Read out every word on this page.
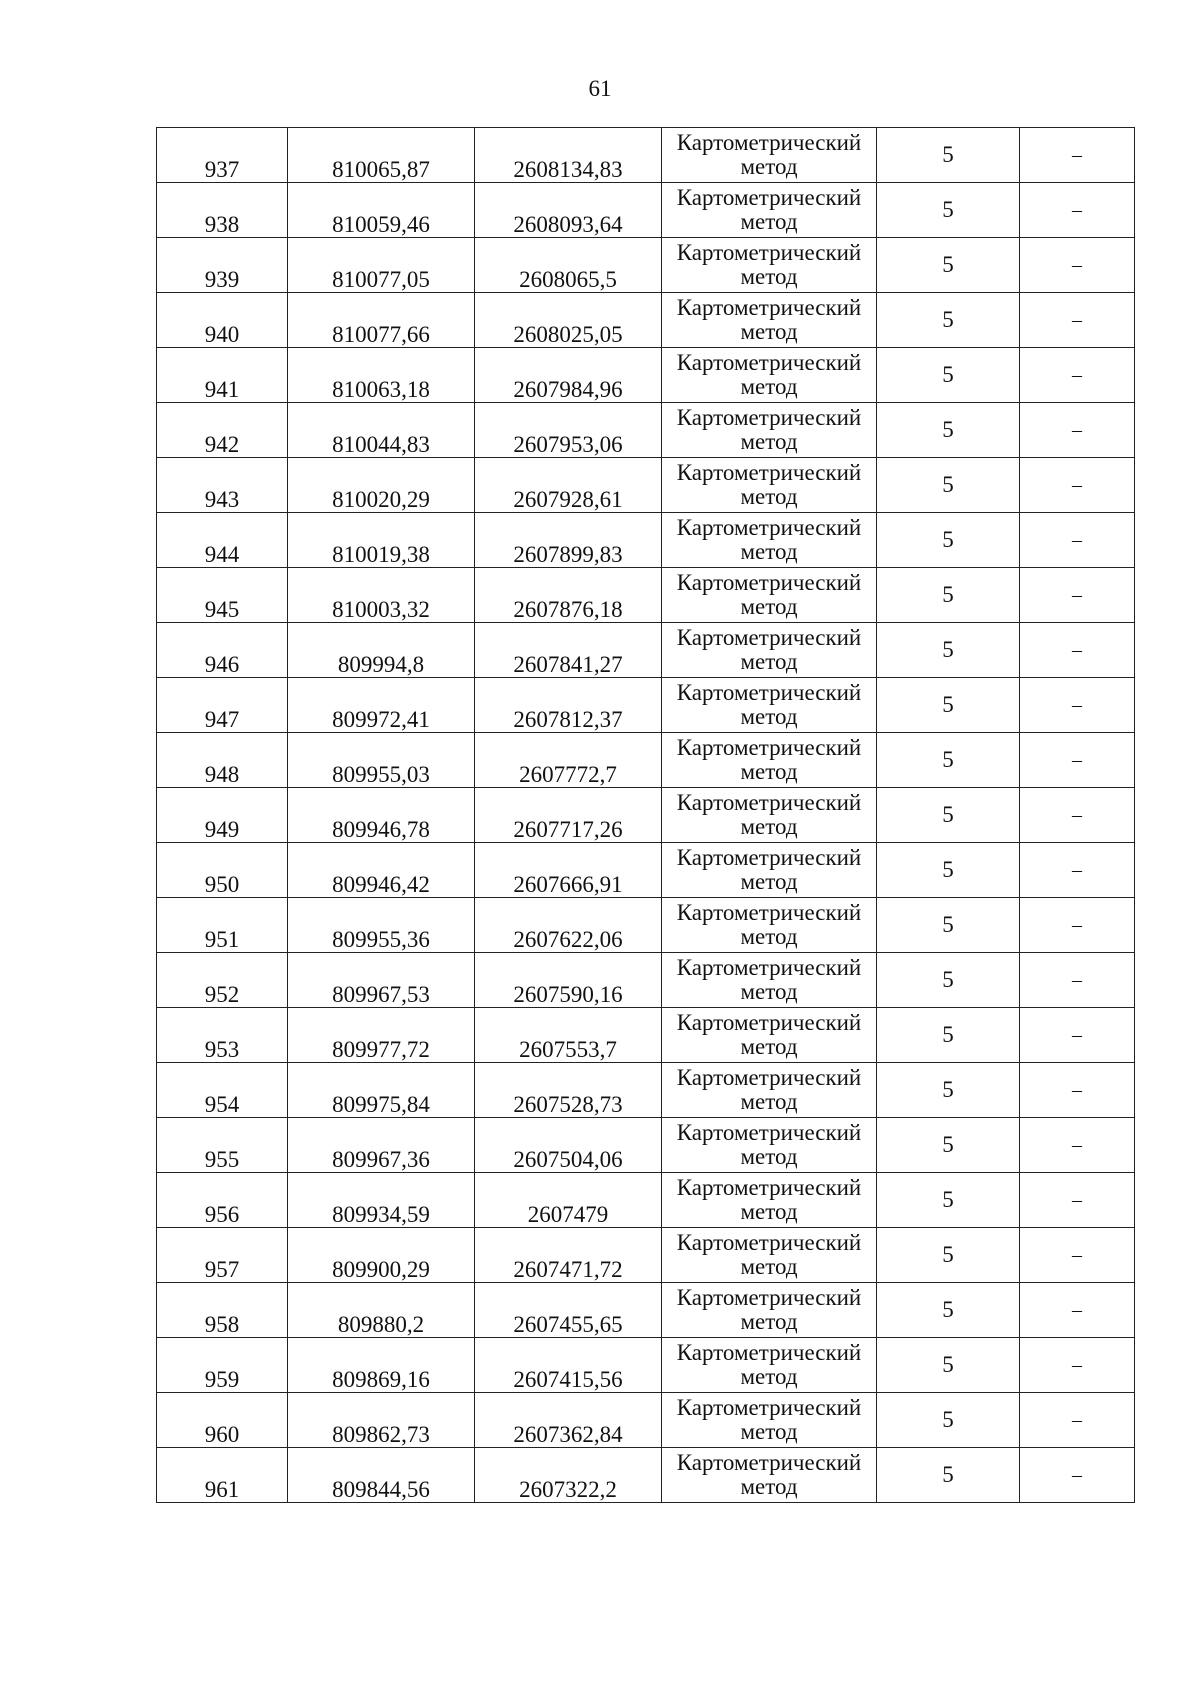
61
937	810065,87	2608134,83	Картометрический метод	5	–
938	810059,46	2608093,64	Картометрический метод	5	–
939	810077,05	2608065,5	Картометрический метод	5	–
940	810077,66	2608025,05	Картометрический метод	5	–
941	810063,18	2607984,96	Картометрический метод	5	–
942	810044,83	2607953,06	Картометрический метод	5	–
943	810020,29	2607928,61	Картометрический метод	5	–
944	810019,38	2607899,83	Картометрический метод	5	–
945	810003,32	2607876,18	Картометрический метод	5	–
946	809994,8	2607841,27	Картометрический метод	5	–
947	809972,41	2607812,37	Картометрический метод	5	–
948	809955,03	2607772,7	Картометрический метод	5	–
949	809946,78	2607717,26	Картометрический метод	5	–
950	809946,42	2607666,91	Картометрический метод	5	–
951	809955,36	2607622,06	Картометрический метод	5	–
952	809967,53	2607590,16	Картометрический метод	5	–
953	809977,72	2607553,7	Картометрический метод	5	–
954	809975,84	2607528,73	Картометрический метод	5	–
955	809967,36	2607504,06	Картометрический метод	5	–
956	809934,59	2607479	Картометрический метод	5	–
957	809900,29	2607471,72	Картометрический метод	5	–
958	809880,2	2607455,65	Картометрический метод	5	–
959	809869,16	2607415,56	Картометрический метод	5	–
960	809862,73	2607362,84	Картометрический метод	5	–
961	809844,56	2607322,2	Картометрический метод	5	–
